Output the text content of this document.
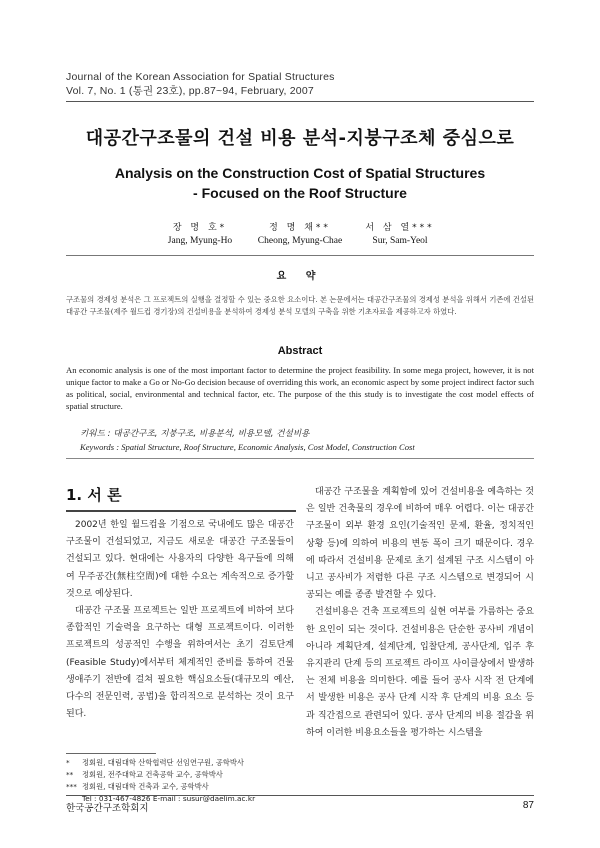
Journal of the Korean Association for Spatial Structures
Vol. 7, No. 1 (통권 23호), pp.87~94, February, 2007
대공간구조물의 건설 비용 분석-지붕구조체 중심으로
Analysis on the Construction Cost of Spatial Structures
- Focused on the Roof Structure
장 명 호*
Jang, Myung-Ho
정 명 채**
Cheong, Myung-Chae
서 삼 열***
Sur, Sam-Yeol
요 약
구조물의 경제성 분석은 그 프로젝트의 실행을 결정할 수 있는 중요한 요소이다. 본 논문에서는 대공간구조물의 경제성 분석을 위해서 기존에 건설된 대공간 구조물(제주 월드컵 경기장)의 건설비용을 분석하여 경제성 분석 모델의 구축을 위한 기초자료을 제공하고자 하였다.
Abstract
An economic analysis is one of the most important factor to determine the project feasibility. In some mega project, however, it is not unique factor to make a Go or No-Go decision because of overriding this work, an economic aspect by some project indirect factor such as political, social, environmental and technical factor, etc. The purpose of the this study is to investigate the cost model effects of spatial structure.
키워드 : 대공간구조, 지붕구조, 비용분석, 비용모델, 건설비용
Keywords : Spatial Structure, Roof Structure, Economic Analysis, Cost Model, Construction Cost
1. 서 론

2002년 한일 월드컵을 기점으로 국내에도 많은 대공간 구조물이 건설되었고, 지금도 새로운 대공간 구조물들이 건설되고 있다. 현대에는 사용자의 다양한 욕구들에 의해여 무주공간(無柱空間)에 대한 수요는 계속적으로 증가할 것으로 예상된다.

대공간 구조물 프로젝트는 일반 프로젝트에 비하여 보다 종합적인 기술력을 요구하는 대형 프로젝트이다. 이러한 프로젝트의 성공적인 수행을 위하여서는 초기 검토단계(Feasible Study)에서부터 체계적인 준비를 통하여 건물 생애주기 전반에 걸쳐 필요한 핵심요소들(대규모의 예산, 다수의 전문인력, 공법)을 합리적으로 분석하는 것이 요구된다.

대공간 구조물을 계획함에 있어 건설비용을 예측하는 것은 일반 건축물의 경우에 비하여 매우 어렵다. 이는 대공간 구조물이 외부 환경 요인(기술적인 문제, 환율, 정치적인 상황 등)에 의하여 비용의 변동 폭이 크기 때문이다. 경우에 따라서 건설비용 문제로 초기 설계된 구조 시스템이 아니고 공사비가 저렴한 다른 구조 시스템으로 변경되어 시공되는 예를 종종 발견할 수 있다.

건설비용은 건축 프로젝트의 실현 여부를 가름하는 중요한 요인이 되는 것이다. 건설비용은 단순한 공사비 개념이 아니라 계획단계, 설계단계, 입찰단계, 공사단계, 입주 후 유지관리 단계 등의 프로젝트 라이프 사이클상에서 발생하는 전체 비용을 의미한다. 예를 들어 공사 시작 전 단계에서 발생한 비용은 공사 단계 시작 후 단계의 비용 요소 등과 직간접으로 관련되어 있다. 공사 단계의 비용 절감을 위하여 이러한 비용요소들을 평가하는 시스템을

* 정회원, 대림대학 산학협력단 선임연구원, 공학박사
** 정회원, 전주대학교 건축공학 교수, 공학박사
*** 정회원, 대림대학 건축과 교수, 공학박사
Tel : 031-467-4826 E-mail : susur@daelim.ac.kr
한국공간구조학회지	87
